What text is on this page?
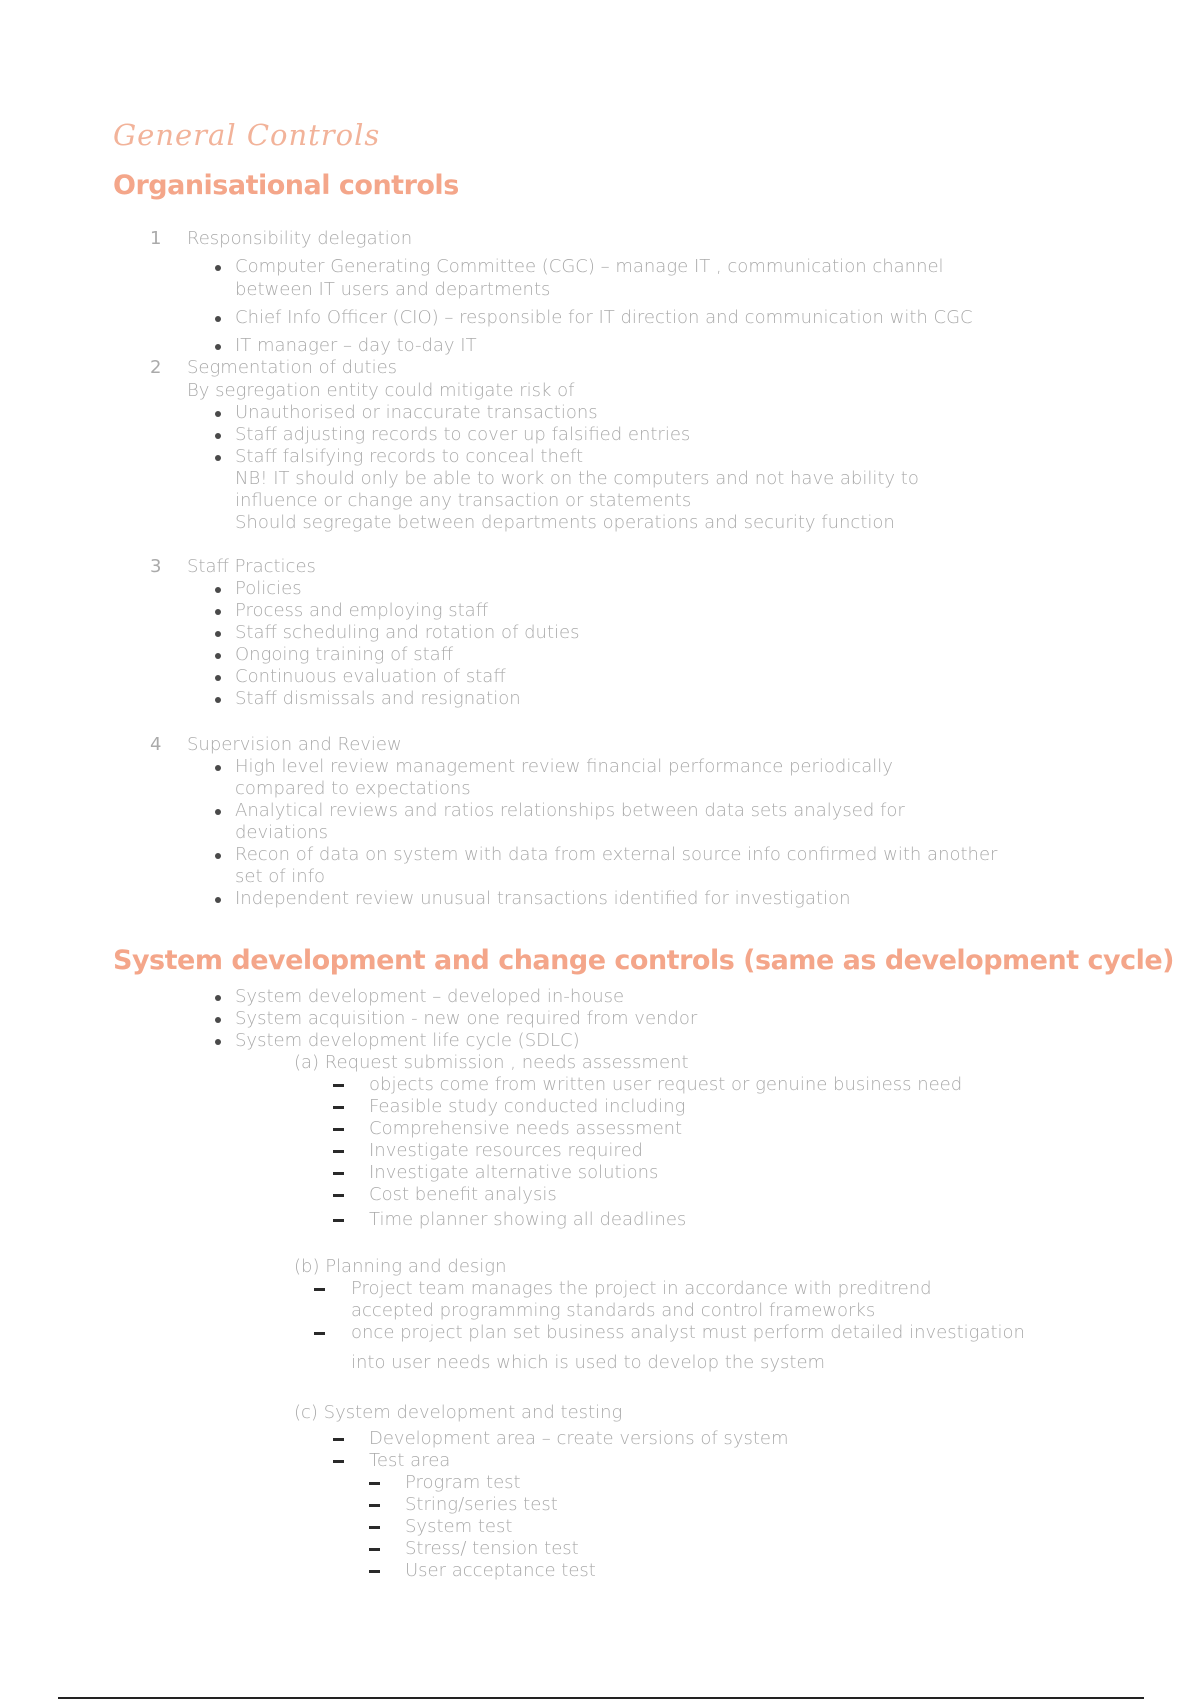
General Controls
Organisational controls
1 Responsibility delegation
Computer Generating Committee (CGC) – manage IT , communication channel
between IT users and departments
Chief Info Officer (CIO) – responsible for IT direction and communication with CGC
IT manager – day to-day IT
2 Segmentation of duties
By segregation entity could mitigate risk of
Unauthorised or inaccurate transactions
Staff adjusting records to cover up falsified entries
Staff falsifying records to conceal theft
NB! IT should only be able to work on the computers and not have ability to
influence or change any transaction or statements
Should segregate between departments operations and security function
3 Staff Practices
Policies
Process and employing staff
Staff scheduling and rotation of duties
Ongoing training of staff
Continuous evaluation of staff
Staff dismissals and resignation
4 Supervision and Review
High level review management review financial performance periodically
compared to expectations
Analytical reviews and ratios relationships between data sets analysed for
deviations
Recon of data on system with data from external source info confirmed with another
set of info
Independent review unusual transactions identified for investigation
System development and change controls (same as development cycle)
System development – developed in-house
System acquisition - new one required from vendor
System development life cycle (SDLC)
(a) Request submission , needs assessment
objects come from written user request or genuine business need
Feasible study conducted including
Comprehensive needs assessment
Investigate resources required
Investigate alternative solutions
Cost benefit analysis
Time planner showing all deadlines
(b) Planning and design
Project team manages the project in accordance with preditrend
accepted programming standards and control frameworks
once project plan set business analyst must perform detailed investigation
into user needs which is used to develop the system
(c) System development and testing
Development area – create versions of system
Test area
Program test
String/series test
System test
Stress/ tension test
User acceptance test
